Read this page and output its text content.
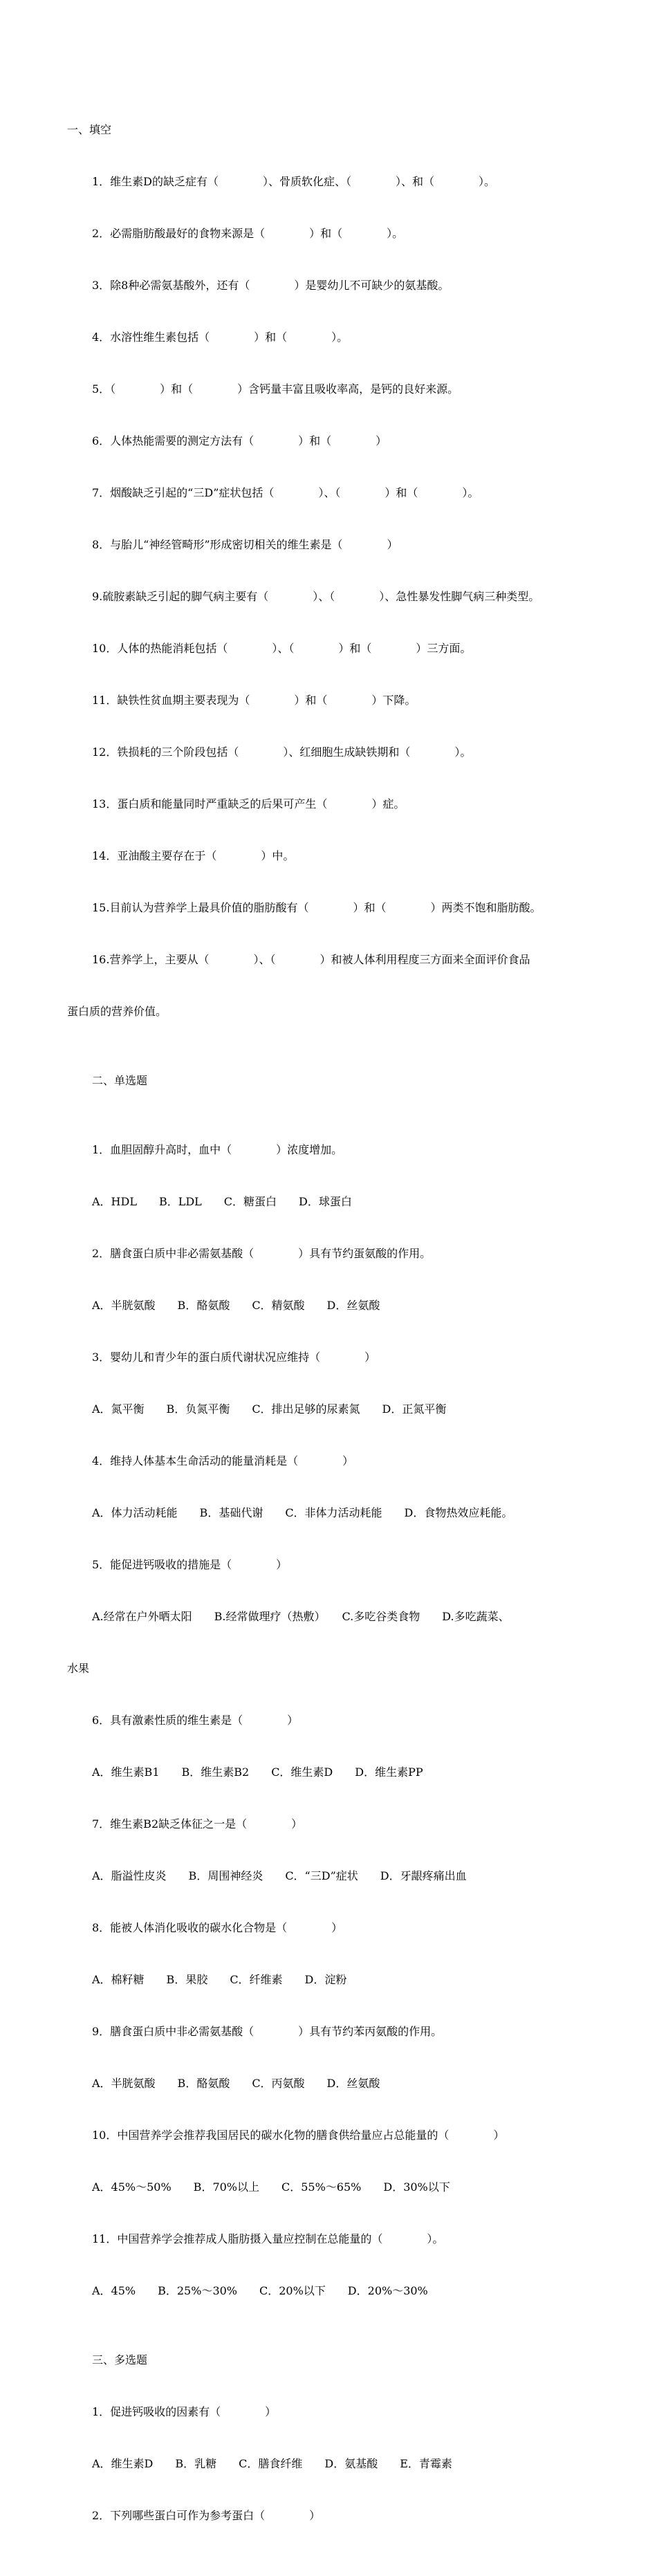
一、填空

1．维生素D的缺乏症有（　　　　）、骨质软化症、（　　　　）、和（　　　　）。

2．必需脂肪酸最好的食物来源是（　　　　）和（　　　　）。

3．除8种必需氨基酸外，还有（　　　　）是婴幼儿不可缺少的氨基酸。

4．水溶性维生素包括（　　　　）和（　　　　）。

5．（　　　　）和（　　　　）含钙量丰富且吸收率高，是钙的良好来源。

6．人体热能需要的测定方法有（　　　　）和（　　　　）

7．烟酸缺乏引起的“三D”症状包括（　　　　）、（　　　　）和（　　　　）。

8．与胎儿“神经管畸形”形成密切相关的维生素是（　　　　）

9.硫胺素缺乏引起的脚气病主要有（　　　　）、（　　　　）、急性暴发性脚气病三种类型。

10．人体的热能消耗包括（　　　　）、（　　　　）和（　　　　）三方面。

11．缺铁性贫血期主要表现为（　　　　）和（　　　　）下降。

12．铁损耗的三个阶段包括（　　　　）、红细胞生成缺铁期和（　　　　）。

13．蛋白质和能量同时严重缺乏的后果可产生（　　　　）症。

14．亚油酸主要存在于（　　　　）中。

15.目前认为营养学上最具价值的脂肪酸有（　　　　）和（　　　　）两类不饱和脂肪酸。

16.营养学上，主要从（　　　　）、（　　　　）和被人体利用程度三方面来全面评价食品

蛋白质的营养价值。

二、单选题

1．血胆固醇升高时，血中（　　　　）浓度增加。

A．HDL　　B．LDL　　C．糖蛋白　　D．球蛋白

2．膳食蛋白质中非必需氨基酸（　　　　）具有节约蛋氨酸的作用。

A．半胱氨酸　　B．酪氨酸　　C．精氨酸　　D．丝氨酸

3．婴幼儿和青少年的蛋白质代谢状况应维持（　　　　）

A．氮平衡　　B．负氮平衡　　C．排出足够的尿素氮　　D．正氮平衡

4．维持人体基本生命活动的能量消耗是（　　　　）

A．体力活动耗能　　B．基础代谢　　C．非体力活动耗能　　D．食物热效应耗能。

5．能促进钙吸收的措施是（　　　　）

A.经常在户外晒太阳　　B.经常做理疗（热敷）　　C.多吃谷类食物　　D.多吃蔬菜、

水果

6．具有激素性质的维生素是（　　　　）

A．维生素B1　　B．维生素B2　　C．维生素D　　D．维生素PP

7．维生素B2缺乏体征之一是（　　　　）

A．脂溢性皮炎　　B．周围神经炎　　C．“三D”症状　　D．牙龈疼痛出血

8．能被人体消化吸收的碳水化合物是（　　　　）

A．棉籽糖　　B．果胶　　C．纤维素　　D．淀粉

9．膳食蛋白质中非必需氨基酸（　　　　）具有节约苯丙氨酸的作用。

A．半胱氨酸　　B．酪氨酸　　C．丙氨酸　　D．丝氨酸

10．中国营养学会推荐我国居民的碳水化物的膳食供给量应占总能量的（　　　　）

A．45%～50%　　B．70%以上　　C．55%～65%　　D．30%以下

11．中国营养学会推荐成人脂肪摄入量应控制在总能量的（　　　　）。

A．45%　　B．25%～30%　　C．20%以下　　D．20%～30%

三、多选题

1．促进钙吸收的因素有（　　　　）

A．维生素D　　B．乳糖　　C．膳食纤维　　D．氨基酸　　E．青霉素

2．下列哪些蛋白可作为参考蛋白（　　　　）
